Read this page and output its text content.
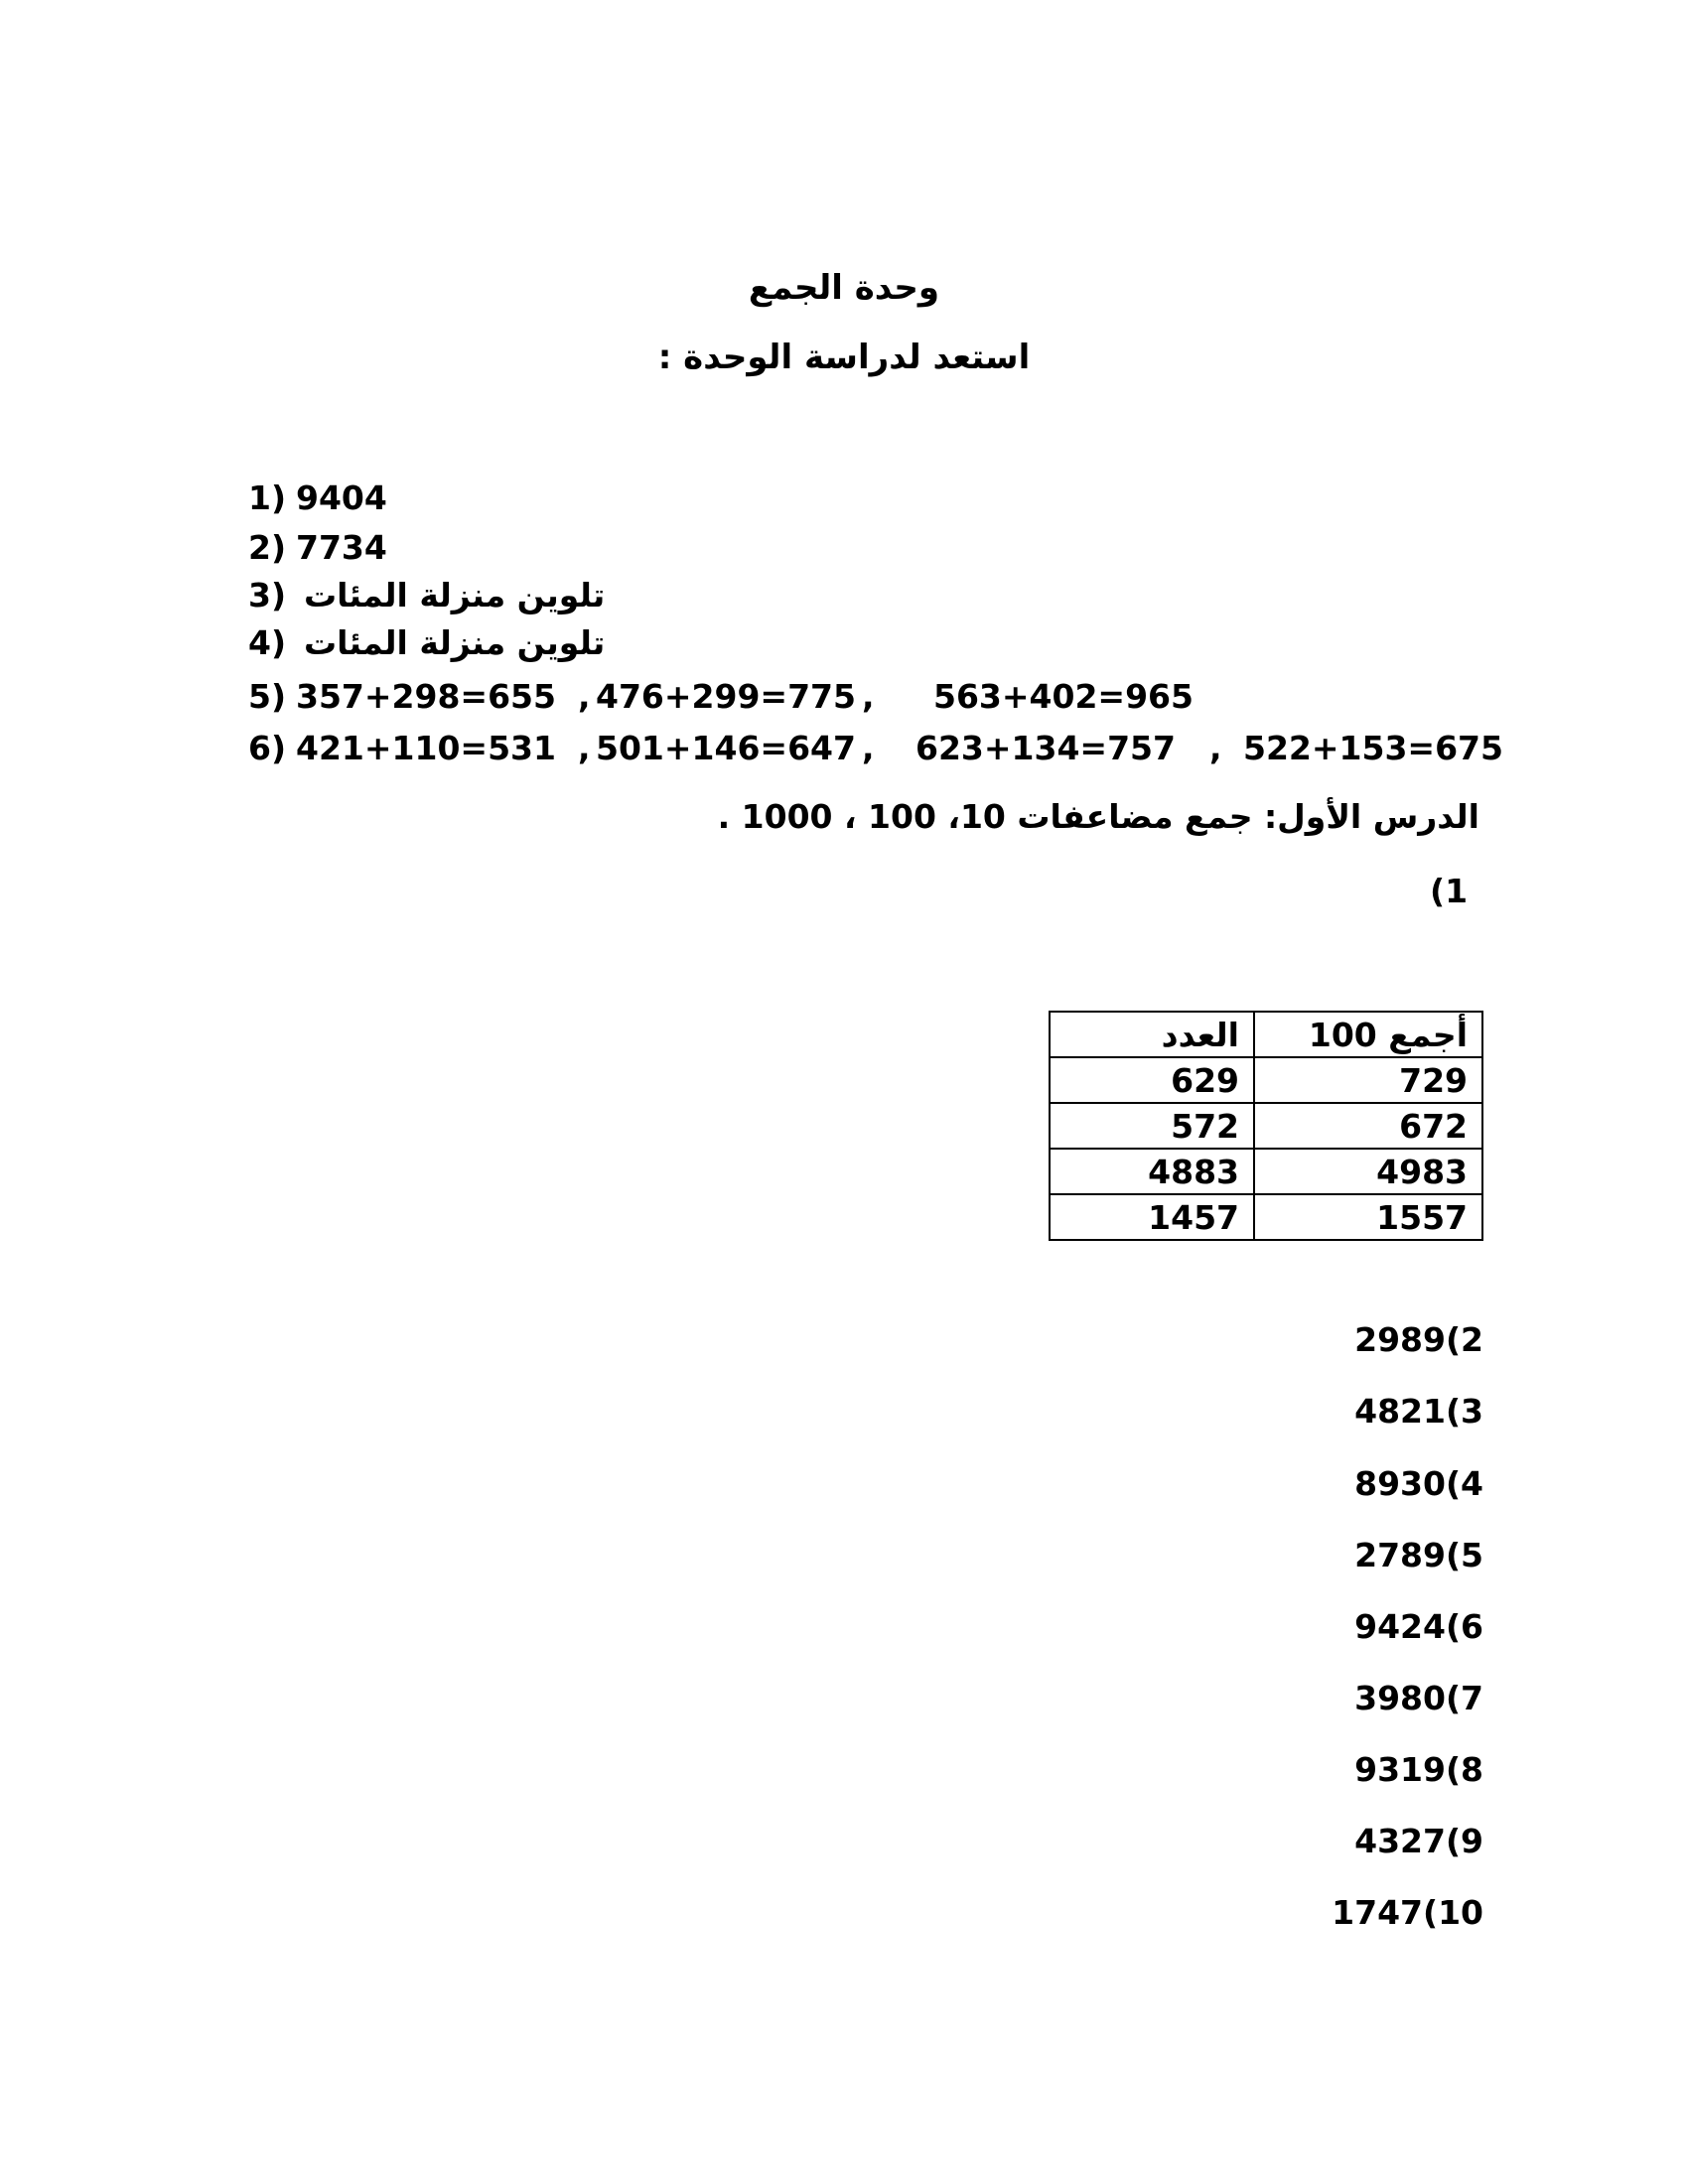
وحدة الجمع
استعد لدراسة الوحدة :
1) 9404
2) 7734
3) تلوين منزلة المئات
4) تلوين منزلة المئات
5) 357+298=655 , 476+299=775 , 563+402=965
6) 421+110=531 , 501+146=647 , 623+134=757 , 522+153=675
الدرس الأول: جمع مضاعفات 10، 100 ، 1000 .
(1
أجمع 100	العدد
729	629
672	572
4983	4883
1557	1457
2989(2
4821(3
8930(4
2789(5
9424(6
3980(7
9319(8
4327(9
1747(10
